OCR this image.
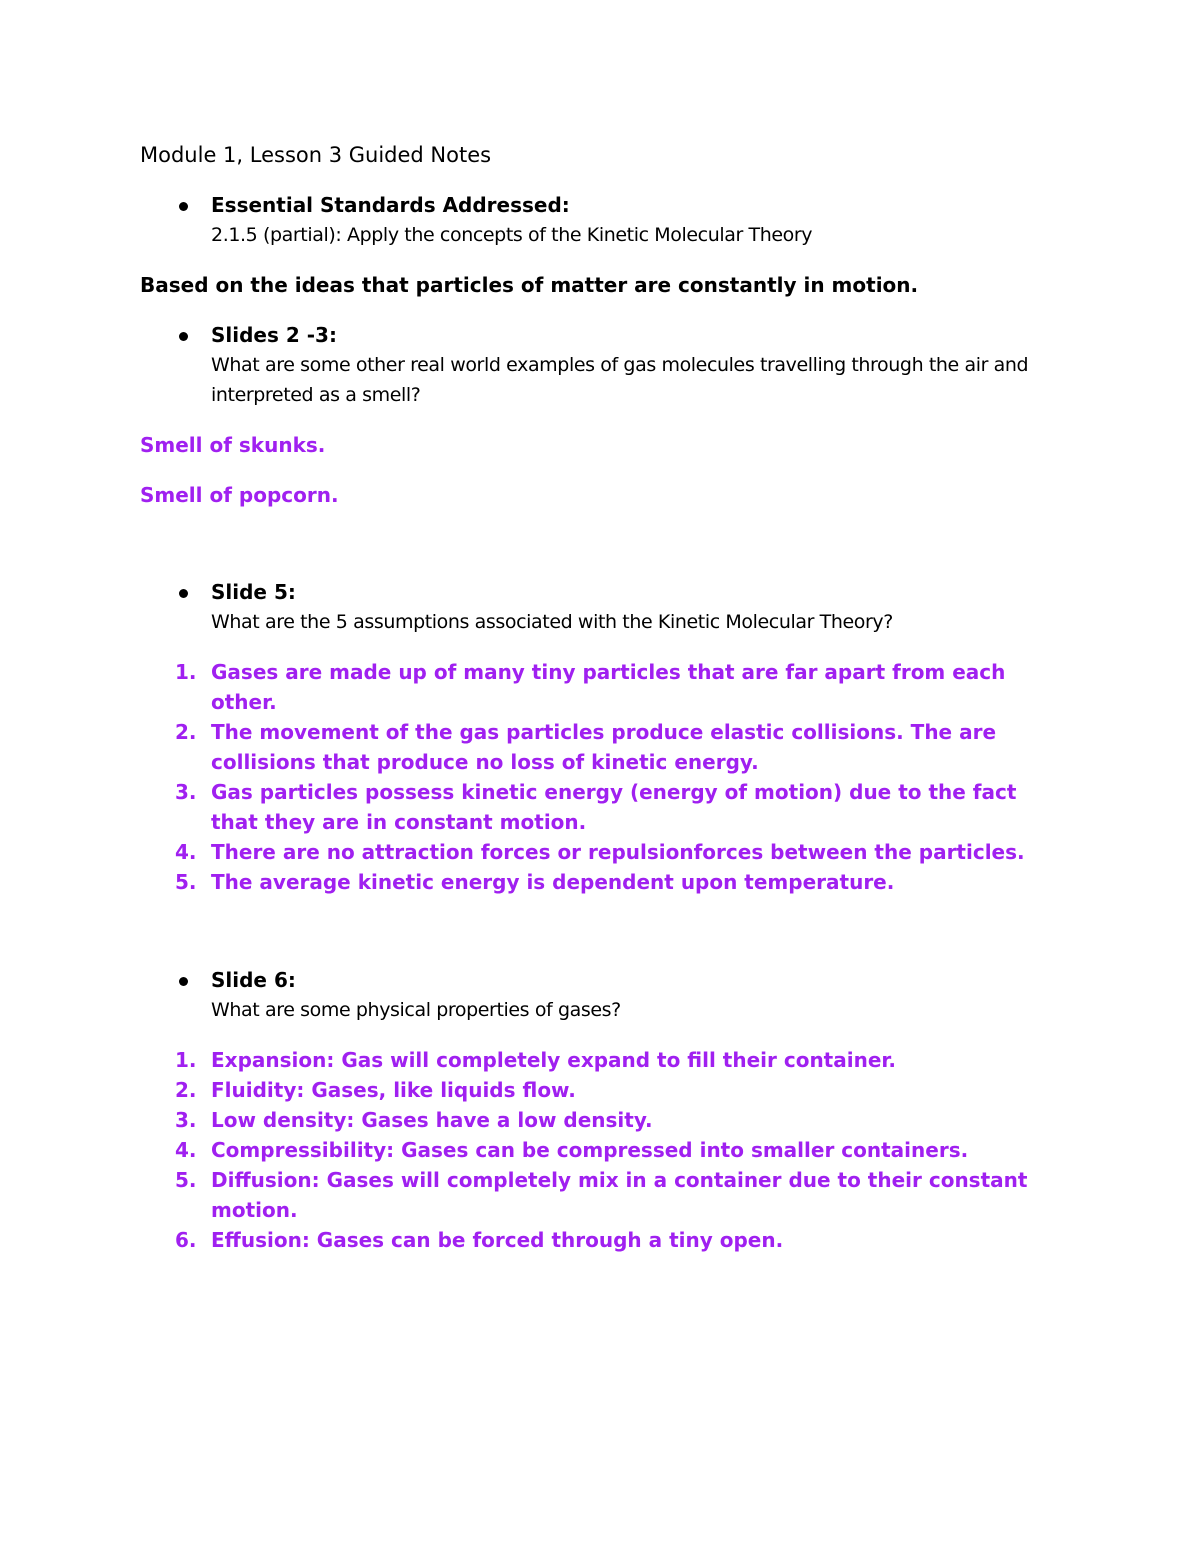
Module 1, Lesson 3 Guided Notes
Essential Standards Addressed:
2.1.5 (partial): Apply the concepts of the Kinetic Molecular Theory
Based on the ideas that particles of matter are constantly in motion.
Slides 2 -3:
What are some other real world examples of gas molecules travelling through the air and interpreted as a smell?
Smell of skunks.
Smell of popcorn.
Slide 5:
What are the 5 assumptions associated with the Kinetic Molecular Theory?
1. Gases are made up of many tiny particles that are far apart from each other.
2. The movement of the gas particles produce elastic collisions. The are collisions that produce no loss of kinetic energy.
3. Gas particles possess kinetic energy (energy of motion) due to the fact that they are in constant motion.
4. There are no attraction forces or repulsionforces between the particles.
5. The average kinetic energy is dependent upon temperature.
Slide 6:
What are some physical properties of gases?
1. Expansion: Gas will completely expand to fill their container.
2. Fluidity: Gases, like liquids flow.
3. Low density: Gases have a low density.
4. Compressibility: Gases can be compressed into smaller containers.
5. Diffusion: Gases will completely mix in a container due to their constant motion.
6. Effusion: Gases can be forced through a tiny open.
